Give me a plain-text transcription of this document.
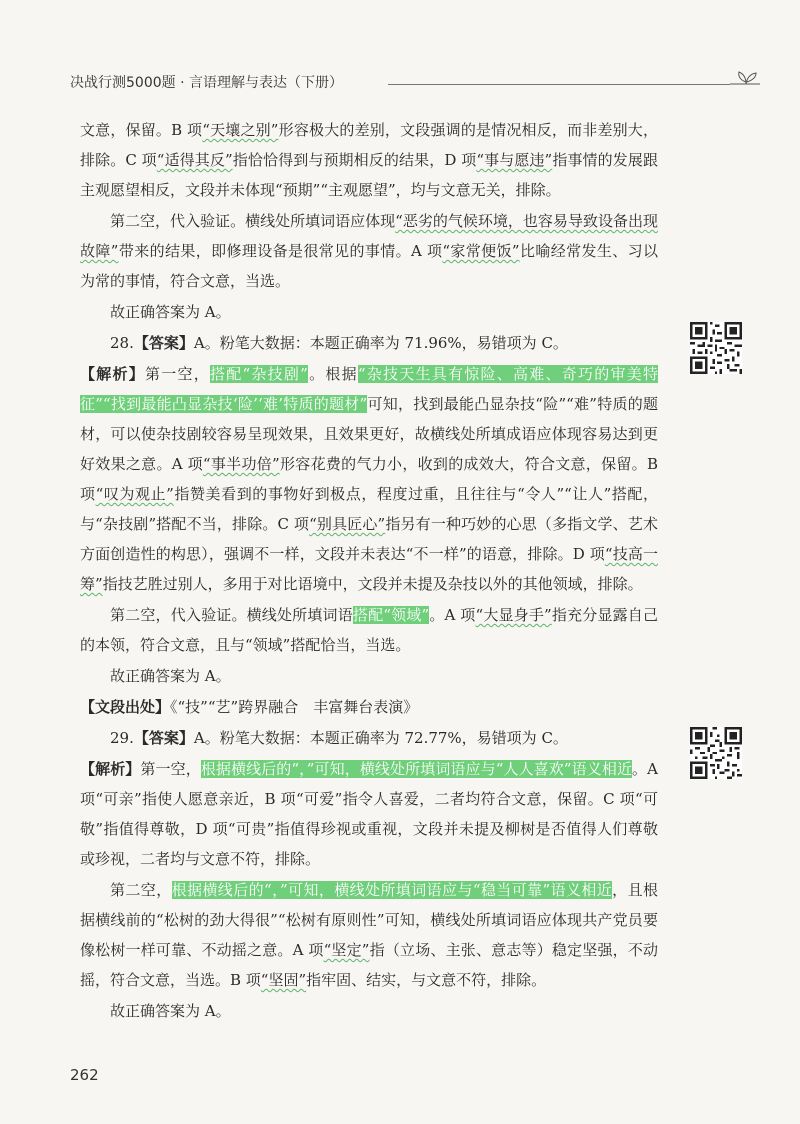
决战行测5000题 · 言语理解与表达（下册）

文意，保留。B 项“天壤之别”形容极大的差别，文段强调的是情况相反，而非差别大，排除。C 项“适得其反”指恰恰得到与预期相反的结果，D 项“事与愿违”指事情的发展跟主观愿望相反，文段并未体现“预期”“主观愿望”，均与文意无关，排除。

第二空，代入验证。横线处所填词语应体现“恶劣的气候环境，也容易导致设备出现故障”带来的结果，即修理设备是很常见的事情。A 项“家常便饭”比喻经常发生、习以为常的事情，符合文意，当选。

故正确答案为 A。

28.【答案】A。粉笔大数据：本题正确率为 71.96%，易错项为 C。

【解析】第一空，搭配“杂技剧”。根据“杂技天生具有惊险、高难、奇巧的审美特征”“找到最能凸显杂技‘险’‘难’特质的题材”可知，找到最能凸显杂技“险”“难”特质的题材，可以使杂技剧较容易呈现效果，且效果更好，故横线处所填成语应体现容易达到更好效果之意。A 项“事半功倍”形容花费的气力小，收到的成效大，符合文意，保留。B 项“叹为观止”指赞美看到的事物好到极点，程度过重，且往往与“令人”“让人”搭配，与“杂技剧”搭配不当，排除。C 项“别具匠心”指另有一种巧妙的心思（多指文学、艺术方面创造性的构思），强调不一样，文段并未表达“不一样”的语意，排除。D 项“技高一筹”指技艺胜过别人，多用于对比语境中，文段并未提及杂技以外的其他领域，排除。

第二空，代入验证。横线处所填词语搭配“领域”。A 项“大显身手”指充分显露自己的本领，符合文意，且与“领域”搭配恰当，当选。

故正确答案为 A。

【文段出处】《“技”“艺”跨界融合　丰富舞台表演》

29.【答案】A。粉笔大数据：本题正确率为 72.77%，易错项为 C。

【解析】第一空，根据横线后的“，”可知，横线处所填词语应与“人人喜欢”语义相近。A 项“可亲”指使人愿意亲近，B 项“可爱”指令人喜爱，二者均符合文意，保留。C 项“可敬”指值得尊敬，D 项“可贵”指值得珍视或重视，文段并未提及柳树是否值得人们尊敬或珍视，二者均与文意不符，排除。

第二空，根据横线后的“，”可知，横线处所填词语应与“稳当可靠”语义相近，且根据横线前的“松树的劲大得很”“松树有原则性”可知，横线处所填词语应体现共产党员要像松树一样可靠、不动摇之意。A 项“坚定”指（立场、主张、意志等）稳定坚强，不动摇，符合文意，当选。B 项“坚固”指牢固、结实，与文意不符，排除。

故正确答案为 A。

262
